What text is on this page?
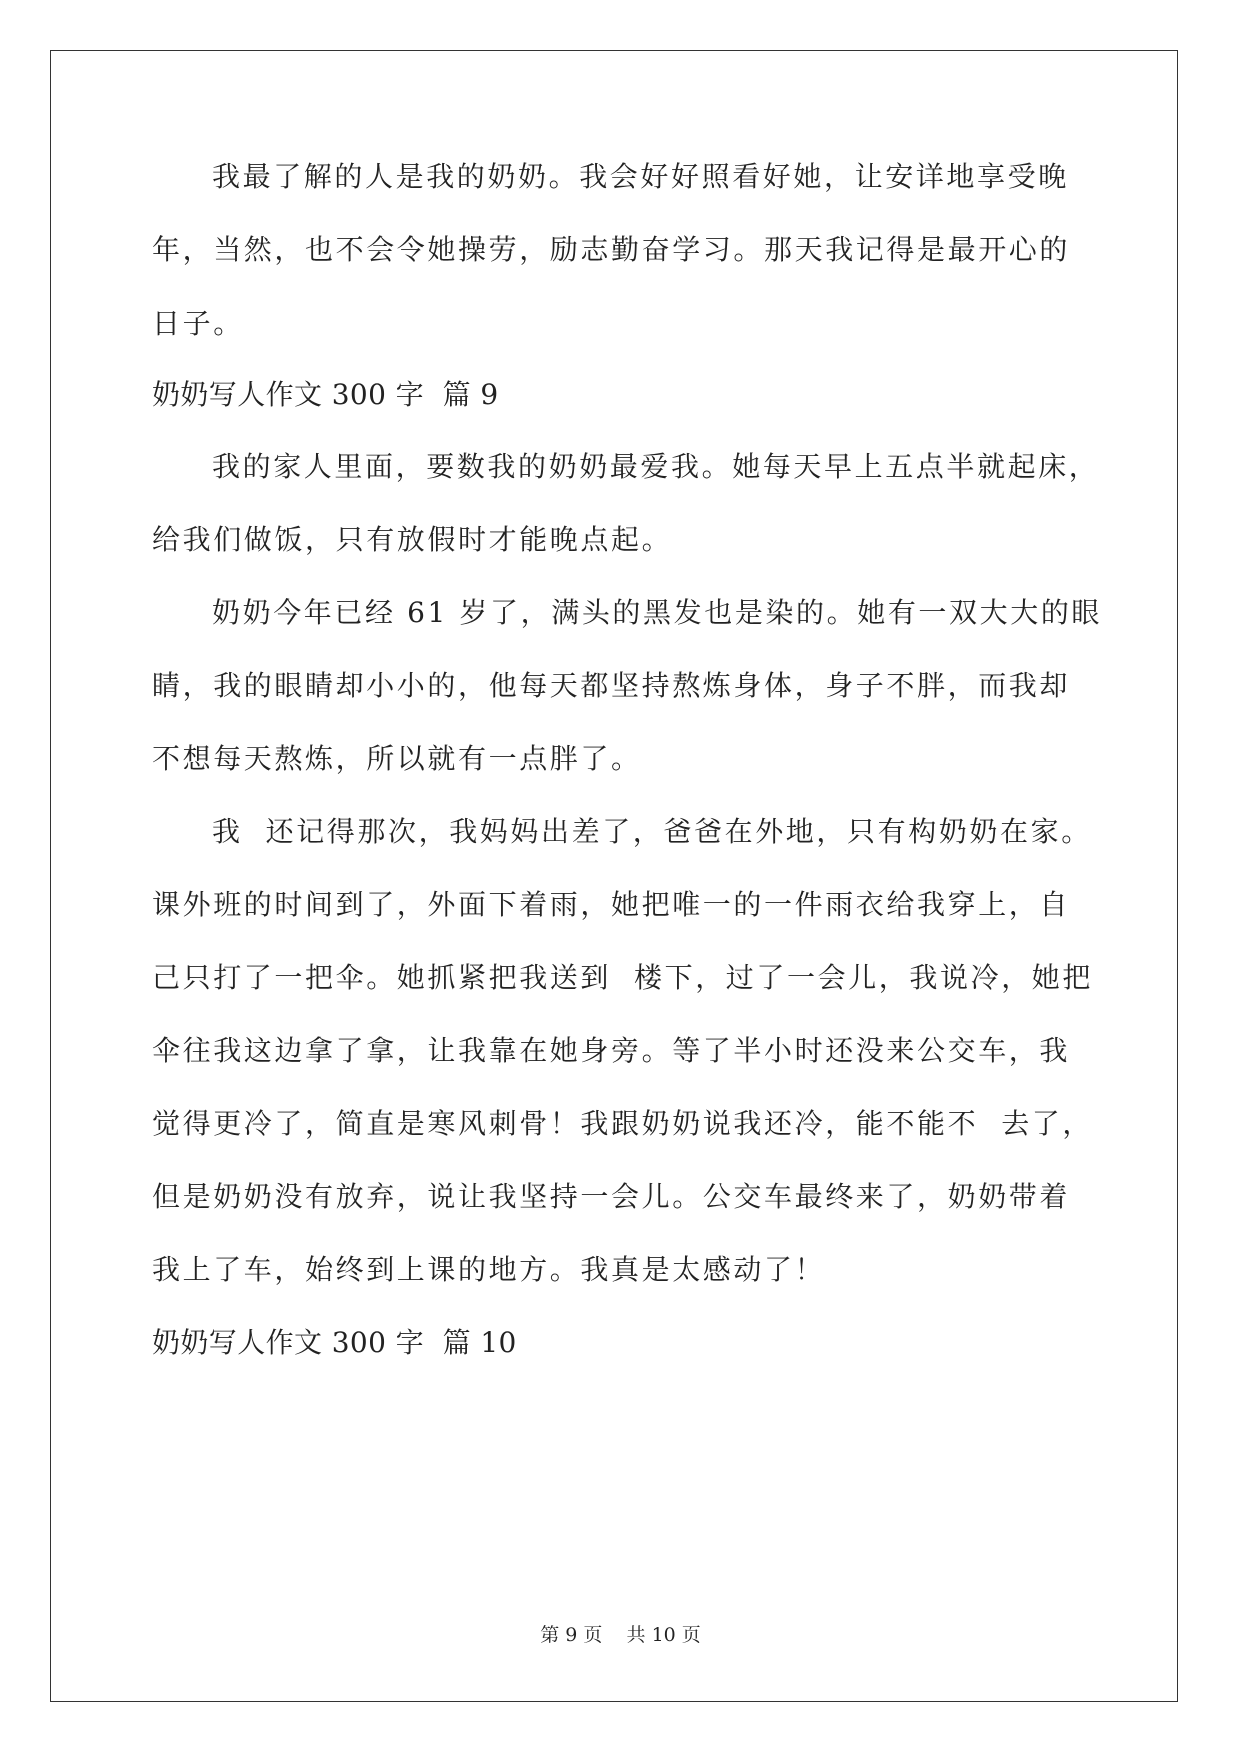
我最了解的人是我的奶奶。我会好好照看好她，让安详地享受晚
年，当然，也不会令她操劳，励志勤奋学习。那天我记得是最开心的
日子。
奶奶写人作文 300 字  篇 9
我的家人里面，要数我的奶奶最爱我。她每天早上五点半就起床，
给我们做饭，只有放假时才能晚点起。
奶奶今年已经 61 岁了，满头的黑发也是染的。她有一双大大的眼
睛，我的眼睛却小小的，他每天都坚持熬炼身体，身子不胖，而我却
不想每天熬炼，所以就有一点胖了。
我  还记得那次，我妈妈出差了，爸爸在外地，只有构奶奶在家。
课外班的时间到了，外面下着雨，她把唯一的一件雨衣给我穿上，自
己只打了一把伞。她抓紧把我送到  楼下，过了一会儿，我说冷，她把
伞往我这边拿了拿，让我靠在她身旁。等了半小时还没来公交车，我
觉得更冷了，简直是寒风刺骨！我跟奶奶说我还冷，能不能不  去了，
但是奶奶没有放弃，说让我坚持一会儿。公交车最终来了，奶奶带着
我上了车，始终到上课的地方。我真是太感动了！
奶奶写人作文 300 字  篇 10
第 9 页    共 10 页
